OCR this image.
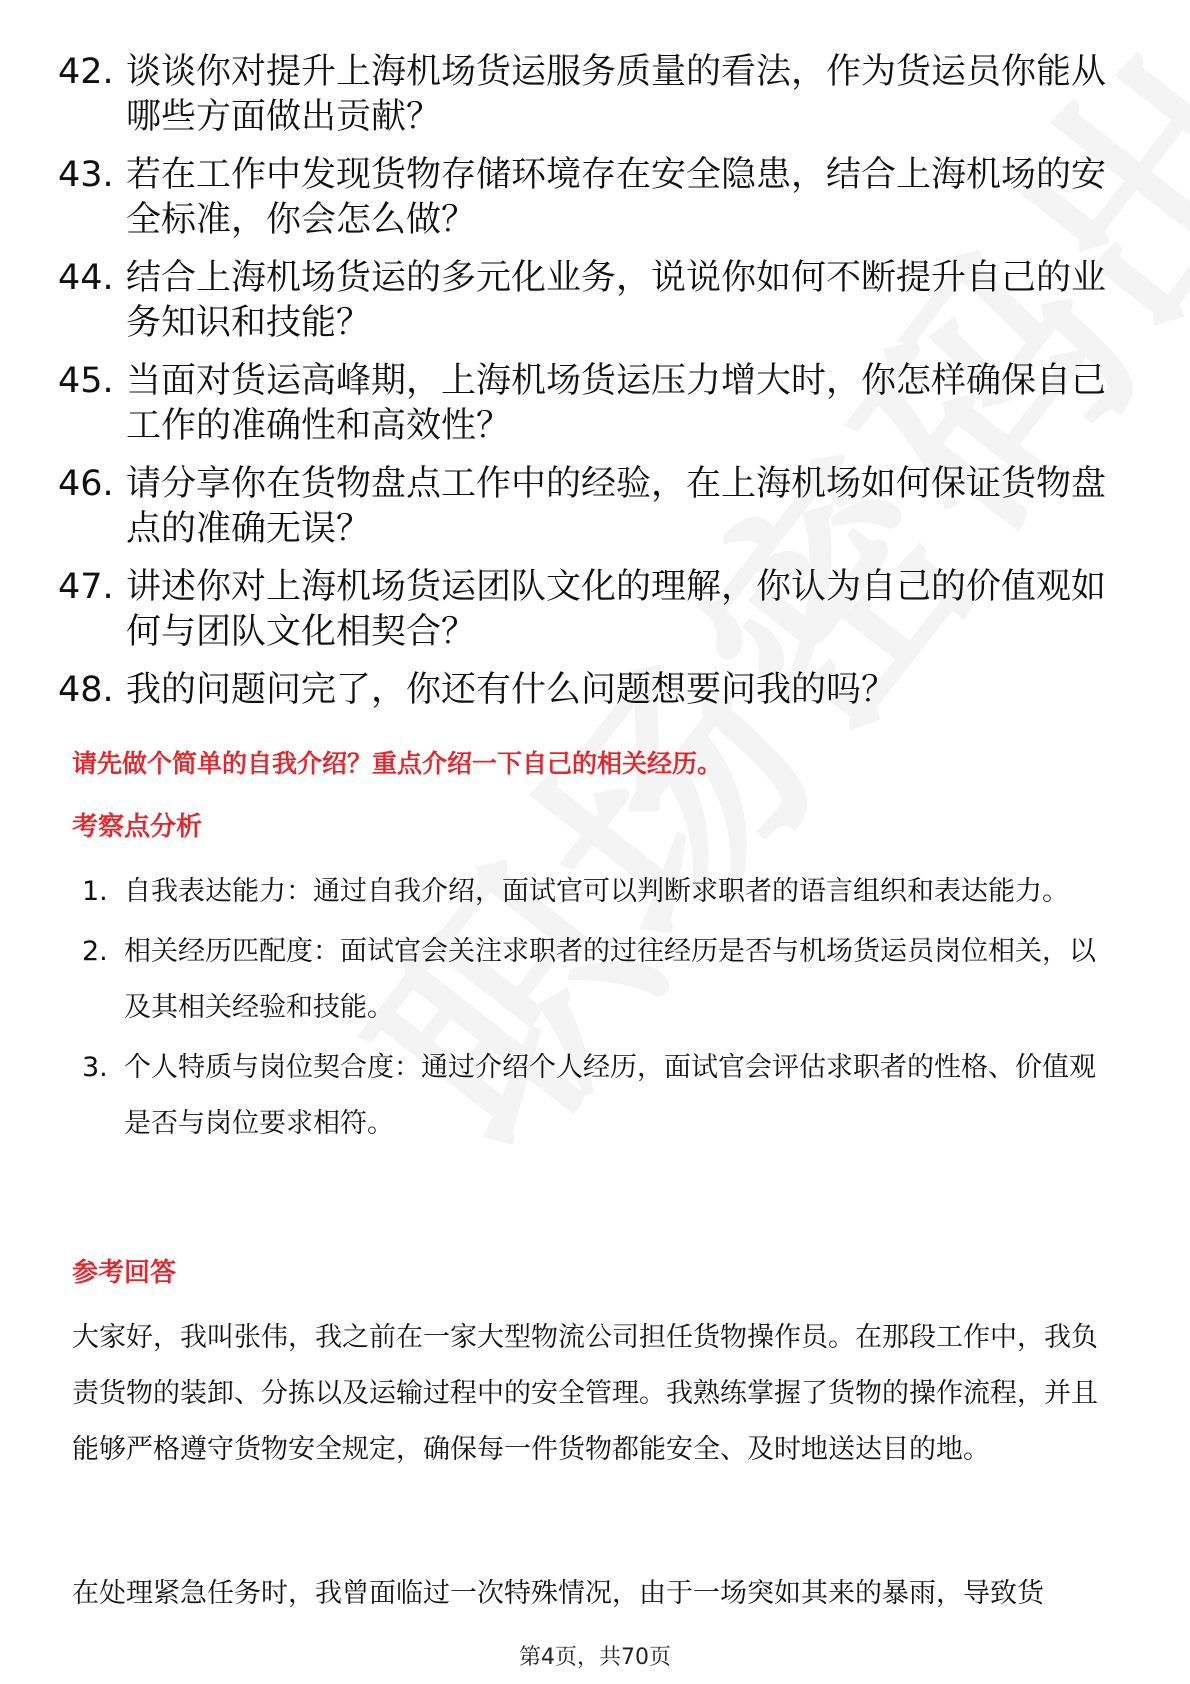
42. 谈谈你对提升上海机场货运服务质量的看法，作为货运员你能从哪些方面做出贡献？
43. 若在工作中发现货物存储环境存在安全隐患，结合上海机场的安全标准，你会怎么做？
44. 结合上海机场货运的多元化业务，说说你如何不断提升自己的业务知识和技能？
45. 当面对货运高峰期，上海机场货运压力增大时，你怎样确保自己工作的准确性和高效性？
46. 请分享你在货物盘点工作中的经验，在上海机场如何保证货物盘点的准确无误？
47. 讲述你对上海机场货运团队文化的理解，你认为自己的价值观如何与团队文化相契合？
48. 我的问题问完了，你还有什么问题想要问我的吗？
请先做个简单的自我介绍？重点介绍一下自己的相关经历。
考察点分析
1. 自我表达能力：通过自我介绍，面试官可以判断求职者的语言组织和表达能力。
2. 相关经历匹配度：面试官会关注求职者的过往经历是否与机场货运员岗位相关，以及其相关经验和技能。
3. 个人特质与岗位契合度：通过介绍个人经历，面试官会评估求职者的性格、价值观是否与岗位要求相符。
参考回答
大家好，我叫张伟，我之前在一家大型物流公司担任货物操作员。在那段工作中，我负责货物的装卸、分拣以及运输过程中的安全管理。我熟练掌握了货物的操作流程，并且能够严格遵守货物安全规定，确保每一件货物都能安全、及时地送达目的地。
在处理紧急任务时，我曾面临过一次特殊情况，由于一场突如其来的暴雨，导致货
第4页，共70页
